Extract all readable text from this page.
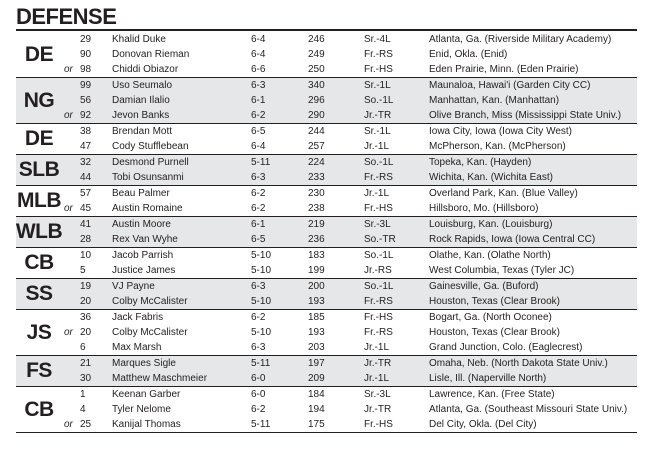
DEFENSE
DE
29 Khalid Duke	6-4	246	Sr.-4L	Atlanta, Ga. (Riverside Military Academy)
90 Donovan Rieman	6-4	249	Fr.-RS	Enid, Okla. (Enid)
or 98 Chiddi Obiazor	6-6	250	Fr.-HS	Eden Prairie, Minn. (Eden Prairie)
NG
99 Uso Seumalo	6-3	340	Sr.-1L	Maunaloa, Hawai'i (Garden City CC)
56 Damian Ilalio	6-1	296	So.-1L	Manhattan, Kan. (Manhattan)
or 92 Jevon Banks	6-2	290	Jr.-TR	Olive Branch, Miss (Mississippi State Univ.)
DE	38 Brendan Mott	6-5	244	Sr.-1L	Iowa City, Iowa (Iowa City West)
47 Cody Stufflebean	6-4	257	Jr.-1L	McPherson, Kan. (McPherson)
SLB 32 Desmond Purnell	5-11	224	So.-1L	Topeka, Kan. (Hayden)
44 Tobi Osunsanmi	6-3	233	Fr.-RS	Wichita, Kan. (Wichita East)
MLB 57 Beau Palmer	6-2	230	Jr.-1L	Overland Park, Kan. (Blue Valley)
or 45 Austin Romaine	6-2	238	Fr.-HS	Hillsboro, Mo. (Hillsboro)
WLB 41 Austin Moore	6-1	219	Sr.-3L	Louisburg, Kan. (Louisburg)
28 Rex Van Wyhe	6-5	236	So.-TR	Rock Rapids, Iowa (Iowa Central CC)
CB	10 Jacob Parrish	5-10	183	So.-1L	Olathe, Kan. (Olathe North)
5	Justice James	5-10	199	Jr.-RS	West Columbia, Texas (Tyler JC)
SS	19 VJ Payne	6-3	200	So.-1L	Gainesville, Ga. (Buford)
20 Colby McCalister	5-10	193	Fr.-RS	Houston, Texas (Clear Brook)
JS
36 Jack Fabris	6-2	185	Fr.-HS	Bogart, Ga. (North Oconee)
or 20 Colby McCalister	5-10	193	Fr.-RS	Houston, Texas (Clear Brook)
6	Max Marsh	6-3	203	Jr.-1L	Grand Junction, Colo. (Eaglecrest)
FS	21 Marques Sigle	5-11	197	Jr.-TR	Omaha, Neb. (North Dakota State Univ.)
30 Matthew Maschmeier	6-0	209	Jr.-1L	Lisle, Ill. (Naperville North)
CB
1	Keenan Garber	6-0	184	Sr.-3L	Lawrence, Kan. (Free State)
4	Tyler Nelome	6-2	194	Jr.-TR	Atlanta, Ga. (Southeast Missouri State Univ.)
or 25 Kanijal Thomas	5-11	175	Fr.-HS	Del City, Okla. (Del City)
